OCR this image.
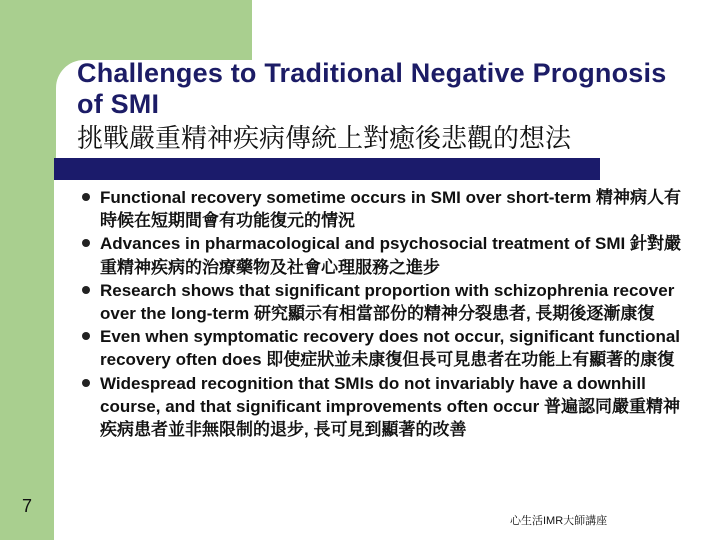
Challenges to Traditional Negative Prognosis of SMI
挑戰嚴重精神疾病傳統上對癒後悲觀的想法
Functional recovery sometime occurs in SMI over short-term 精神病人有時候在短期間會有功能復元的情況
Advances in pharmacological and psychosocial treatment of SMI 針對嚴重精神疾病的治療藥物及社會心理服務之進步
Research shows that significant proportion with schizophrenia recover over the long-term 研究顯示有相當部份的精神分裂患者, 長期後逐漸康復
Even when symptomatic recovery does not occur, significant functional recovery often does 即使症狀並未康復但長可見患者在功能上有顯著的康復
Widespread recognition that SMIs do not invariably have a downhill course, and that significant improvements often occur 普遍認同嚴重精神疾病患者並非無限制的退步, 長可見到顯著的改善
7
心生活IMR大師講座
